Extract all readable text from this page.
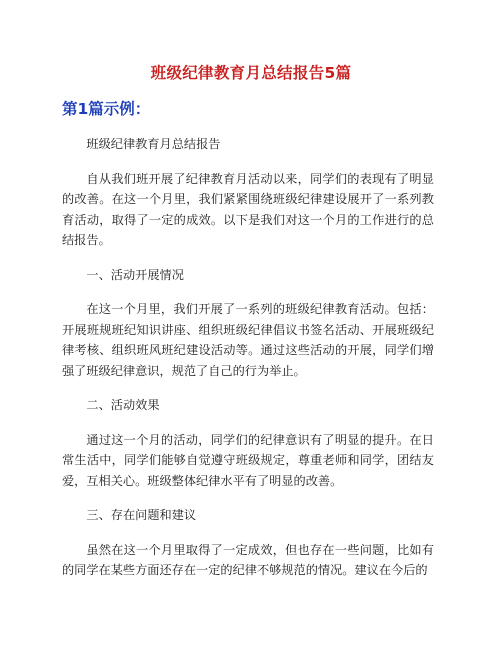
班级纪律教育月总结报告5篇
第1篇示例：

班级纪律教育月总结报告

自从我们班开展了纪律教育月活动以来，同学们的表现有了明显的改善。在这一个月里，我们紧紧围绕班级纪律建设展开了一系列教育活动，取得了一定的成效。以下是我们对这一个月的工作进行的总结报告。

一、活动开展情况

在这一个月里，我们开展了一系列的班级纪律教育活动。包括：开展班规班纪知识讲座、组织班级纪律倡议书签名活动、开展班级纪律考核、组织班风班纪建设活动等。通过这些活动的开展，同学们增强了班级纪律意识，规范了自己的行为举止。

二、活动效果

通过这一个月的活动，同学们的纪律意识有了明显的提升。在日常生活中，同学们能够自觉遵守班级规定，尊重老师和同学，团结友爱，互相关心。班级整体纪律水平有了明显的改善。

三、存在问题和建议

虽然在这一个月里取得了一定成效，但也存在一些问题，比如有的同学在某些方面还存在一定的纪律不够规范的情况。建议在今后的
